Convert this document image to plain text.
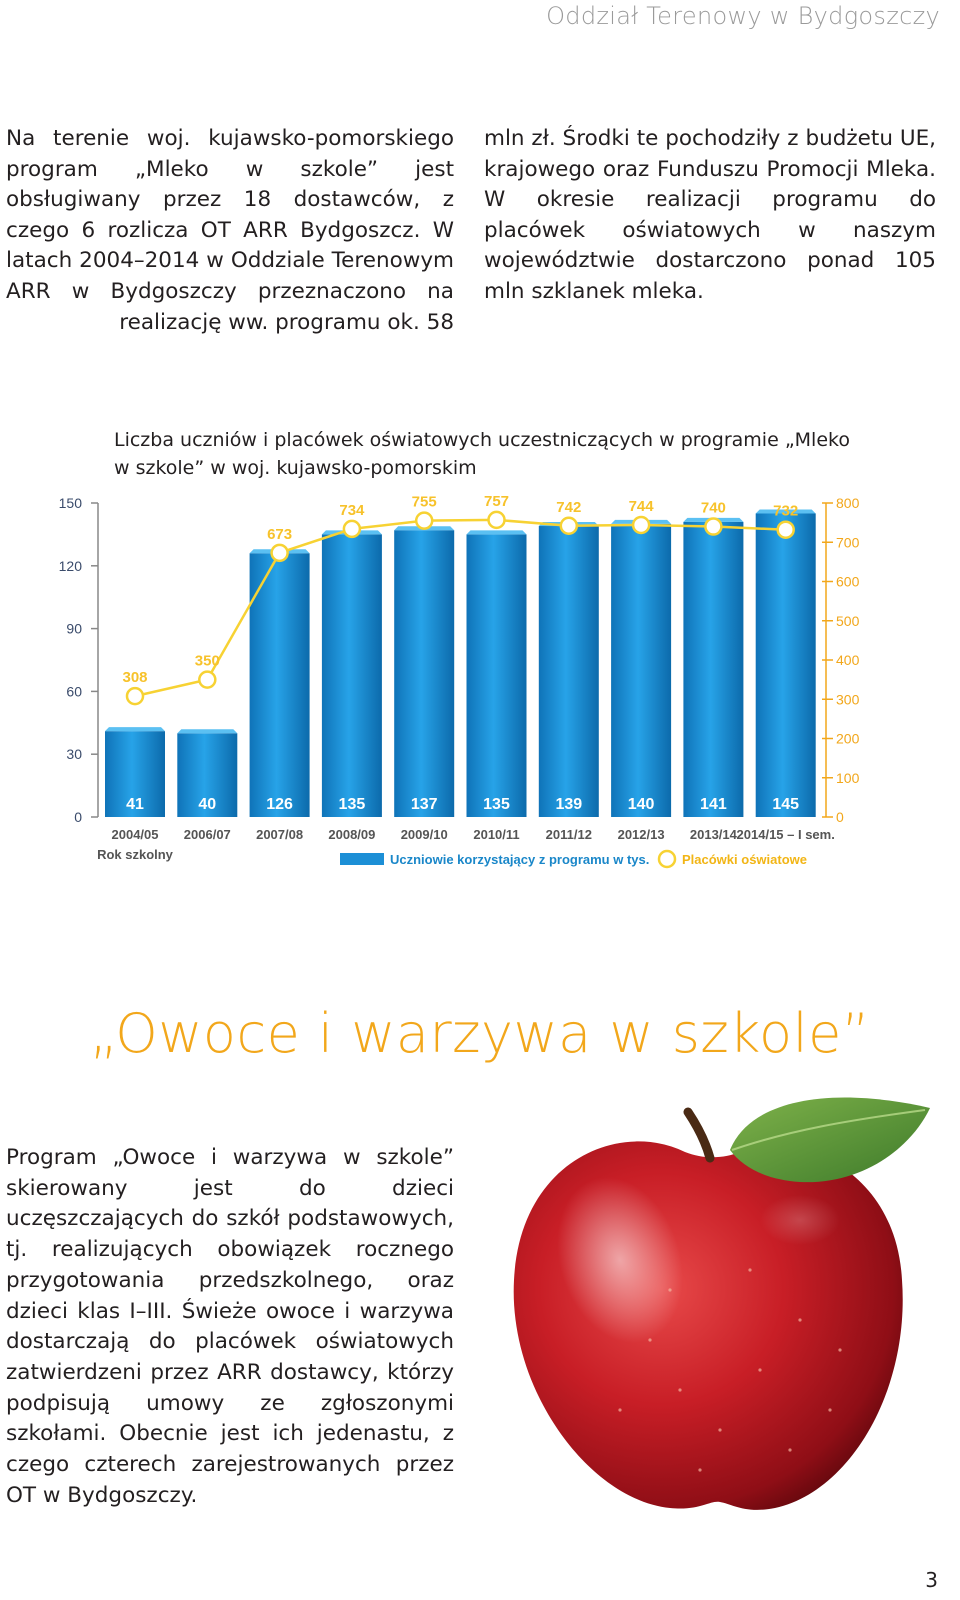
Oddział Terenowy w Bydgoszczy
Na terenie woj. kujawsko-pomorskiego program „Mleko w szkole” jest obsługiwany przez 18 dostawców, z czego 6 rozlicza OT ARR Bydgoszcz. W latach 2004–2014 w Oddziale Terenowym ARR w Bydgoszczy przeznaczono na realizację ww. programu ok. 58
mln zł. Środki te pochodziły z budżetu UE, krajowego oraz Funduszu Promocji Mleka. W okresie realizacji programu do placówek oświatowych w naszym województwie dostarczono ponad 105 mln szklanek mleka.
Liczba uczniów i placówek oświatowych uczestniczących w programie „Mleko w szkole” w woj. kujawsko-pomorskim
0
30
60
90
120
150
0
100
200
300
400
500
600
700
800
41
2004/05
40
2006/07
126
2007/08
135
2008/09
137
2009/10
135
2010/11
139
2011/12
140
2012/13
141
2013/14
145
2014/15 – I sem.
Rok szkolny
308
350
673
734	755	757	742	744	740	732
Uczniowie korzystający z programu w tys.	Placówki oświatowe
„Owoce i warzywa w szkole”
Program „Owoce i warzywa w szkole” skierowany jest do dzieci uczęszczających do szkół podstawowych, tj. realizujących obowiązek rocznego przygotowania przedszkolnego, oraz dzieci klas I–III. Świeże owoce i warzywa dostarczają do placówek oświatowych zatwierdzeni przez ARR dostawcy, którzy podpisują umowy ze zgłoszonymi szkołami. Obecnie jest ich jedenastu, z czego czterech zarejestrowanych przez OT w Bydgoszczy.
3
